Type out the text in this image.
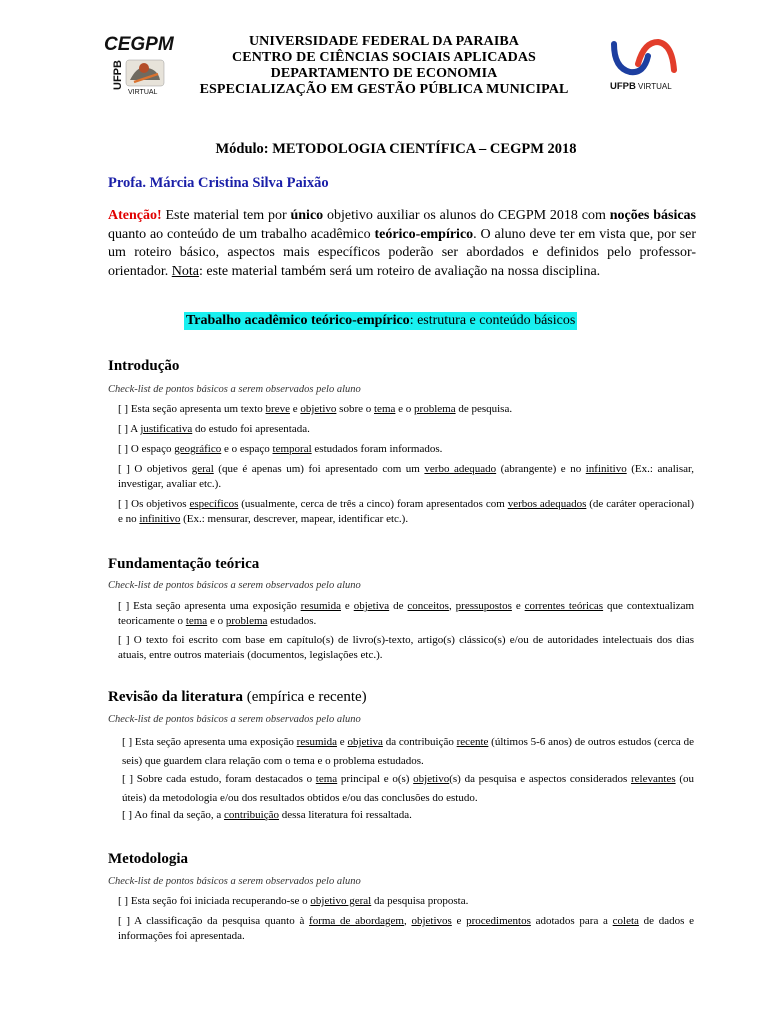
CEGPM
UFPB
VIRTUAL
UNIVERSIDADE FEDERAL DA PARAIBA
CENTRO DE CIÊNCIAS SOCIAIS APLICADAS
DEPARTAMENTO DE ECONOMIA
ESPECIALIZAÇÃO EM GESTÃO PÚBLICA MUNICIPAL	UFPB VIRTUAL
Módulo: METODOLOGIA CIENTÍFICA – CEGPM 2018
Profa. Márcia Cristina Silva Paixão
Atenção! Este material tem por único objetivo auxiliar os alunos do CEGPM 2018 com noções básicas quanto ao conteúdo de um trabalho acadêmico teórico-empírico. O aluno deve ter em vista que, por ser um roteiro básico, aspectos mais específicos poderão ser abordados e definidos pelo professor-orientador. Nota: este material também será um roteiro de avaliação na nossa disciplina.
Trabalho acadêmico teórico-empírico: estrutura e conteúdo básicos
Introdução
Check-list de pontos básicos a serem observados pelo aluno
[ ] Esta seção apresenta um texto breve e objetivo sobre o tema e o problema de pesquisa.
[ ] A justificativa do estudo foi apresentada.
[ ] O espaço geográfico e o espaço temporal estudados foram informados.
[ ] O objetivos geral (que é apenas um) foi apresentado com um verbo adequado (abrangente) e no infinitivo (Ex.: analisar, investigar, avaliar etc.).
[ ] Os objetivos específicos (usualmente, cerca de três a cinco) foram apresentados com verbos adequados (de caráter operacional) e no infinitivo (Ex.: mensurar, descrever, mapear, identificar etc.).
Fundamentação teórica
Check-list de pontos básicos a serem observados pelo aluno
[ ] Esta seção apresenta uma exposição resumida e objetiva de conceitos, pressupostos e correntes teóricas que contextualizam teoricamente o tema e o problema estudados.
[ ] O texto foi escrito com base em capítulo(s) de livro(s)-texto, artigo(s) clássico(s) e/ou de autoridades intelectuais dos dias atuais, entre outros materiais (documentos, legislações etc.).
Revisão da literatura (empírica e recente)
Check-list de pontos básicos a serem observados pelo aluno
[ ] Esta seção apresenta uma exposição resumida e objetiva da contribuição recente (últimos 5-6 anos) de outros estudos (cerca de seis) que guardem clara relação com o tema e o problema estudados.
[ ] Sobre cada estudo, foram destacados o tema principal e o(s) objetivo(s) da pesquisa e aspectos considerados relevantes (ou úteis) da metodologia e/ou dos resultados obtidos e/ou das conclusões do estudo.
[ ] Ao final da seção, a contribuição dessa literatura foi ressaltada.
Metodologia
Check-list de pontos básicos a serem observados pelo aluno
[ ] Esta seção foi iniciada recuperando-se o objetivo geral da pesquisa proposta.
[ ] A classificação da pesquisa quanto à forma de abordagem, objetivos e procedimentos adotados para a coleta de dados e informações foi apresentada.
